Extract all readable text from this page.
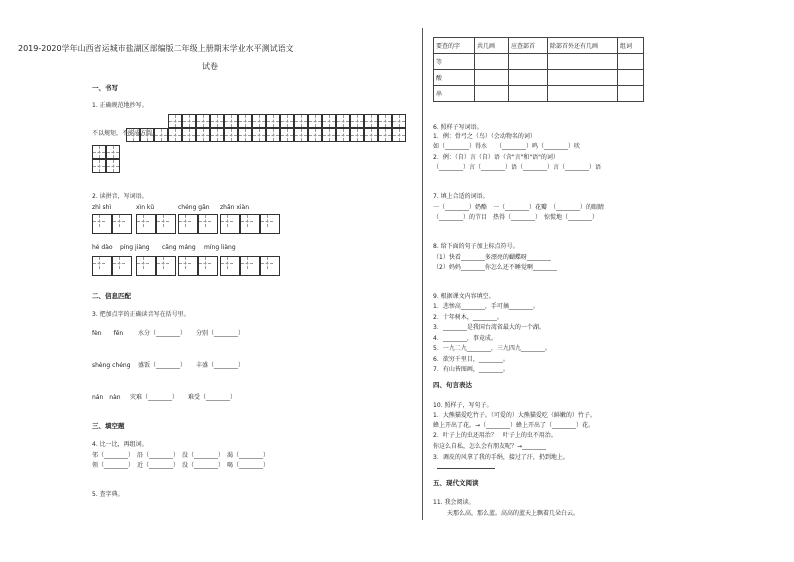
2019-2020学年山西省运城市盐湖区部编版二年级上册期末学业水平测试语文
试卷
一、书写
1. 正确规范地抄写。
不以规矩，不能成方圆。
2. 读拼音，写词语。
zhì shì	xìn kǔ	chéng gān zhǎn xiàn
hé dào píng jiàng cāng máng míng liàng
二、信息匹配
3. 把加点字的正确读音写在括号里。
fèn　　fēn 水分（________） 分别（________）
shèng chéng 盛饭（________） 丰盛（________）
nán　nàn 灾难（________） 难受（________）
三、填空题
4. 比一比，再组词。
邻（________）　沿（________）　没（________）　渴（________）
领（________）　近（________）　没（________）　喝（________）
5. 查字典。
要查的字	共几画	应查部首	除部首外还有几画	组词
等				
酸				
串				
6. 照样子写词语。
1．例：骨弓之（鸟）（会动物名的词）
如（________）得水　　（________）鸣（________）吠
2．例：（自）言（自）语（含"言"和"语"的词）
（________）言（________）语（________）言（________）语
7. 填上合适的词语。
一（________）奶酪　一（________）花瓣　（________）的眼睛
（________）的节目　热得（________）　惊慌地（________）
8. 给下面的句子加上标点符号。
（1）快看________多漂亮的蝴蝶呀________
（2）妈妈________你怎么还不睡觉啊________
9. 根据课文内容填空。
1．悲惨高________，手可摘________。
2．十年树木，________。
3．________是我国台湾省最大的一个湖。
4．________，事竟成。
5．一九二九________，三九四九________。
6．欲穷千里目，________。
7．有山皆图画，________。
四、句言表达
10. 照样子，写句子。
1．大熊猫爱吃竹子。（可爱的）大熊猫爱吃（鲜嫩的）竹子。
蜂上开出了花。→（________）蜂上开出了（________）花。
2．叶子上的虫还用治？　叶子上的虫不用治。
你这么自私，怎么会有朋友呢？→________
3．调皮的风拿了我的手绢，接过了汗，扔到地上。
五、现代文阅读
11. 我会阅读。
天那么高，那么蓝。高高的蓝天上飘着几朵白云。
